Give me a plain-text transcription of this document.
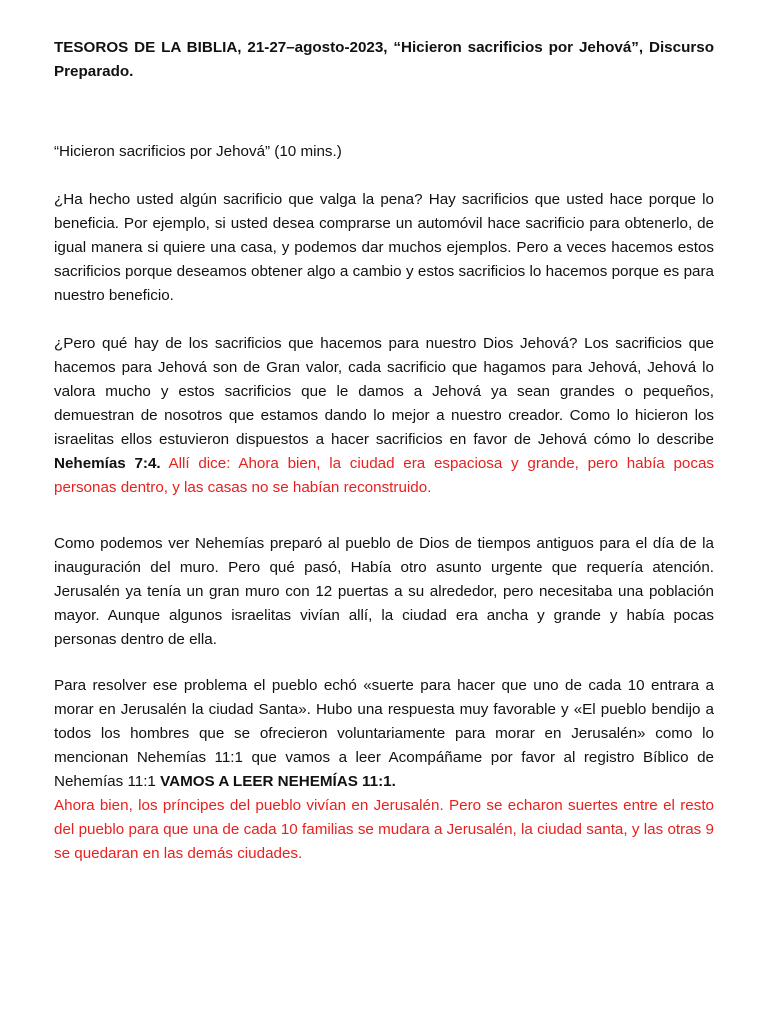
TESOROS DE LA BIBLIA, 21-27–agosto-2023, “Hicieron sacrificios por Jehová”, Discurso Preparado.
“Hicieron sacrificios por Jehová” (10 mins.)

¿Ha hecho usted algún sacrificio que valga la pena? Hay sacrificios que usted hace porque lo beneficia. Por ejemplo, si usted desea comprarse un automóvil hace sacrificio para obtenerlo, de igual manera si quiere una casa, y podemos dar muchos ejemplos. Pero a veces hacemos estos sacrificios porque deseamos obtener algo a cambio y estos sacrificios lo hacemos porque es para nuestro beneficio.

¿Pero qué hay de los sacrificios que hacemos para nuestro Dios Jehová? Los sacrificios que hacemos para Jehová son de Gran valor, cada sacrificio que hagamos para Jehová, Jehová lo valora mucho y estos sacrificios que le damos a Jehová ya sean grandes o pequeños, demuestran de nosotros que estamos dando lo mejor a nuestro creador. Como lo hicieron los israelitas ellos estuvieron dispuestos a hacer sacrificios en favor de Jehová cómo lo describe Nehemías 7:4. Allí dice: Ahora bien, la ciudad era espaciosa y grande, pero había pocas personas dentro, y las casas no se habían reconstruido.

Como podemos ver Nehemías preparó al pueblo de Dios de tiempos antiguos para el día de la inauguración del muro. Pero qué pasó, Había otro asunto urgente que requería atención. Jerusalén ya tenía un gran muro con 12 puertas a su alrededor, pero necesitaba una población mayor. Aunque algunos israelitas vivían allí, la ciudad era ancha y grande y había pocas personas dentro de ella.

Para resolver ese problema el pueblo echó «suerte para hacer que uno de cada 10 entrara a morar en Jerusalén la ciudad Santa». Hubo una respuesta muy favorable y «El pueblo bendijo a todos los hombres que se ofrecieron voluntariamente para morar en Jerusalén» como lo mencionan Nehemías 11:1 que vamos a leer Acompáñame por favor al registro Bíblico de Nehemías 11:1 VAMOS A LEER NEHEMÍAS 11:1.

Ahora bien, los príncipes del pueblo vivían en Jerusalén. Pero se echaron suertes entre el resto del pueblo para que una de cada 10 familias se mudara a Jerusalén, la ciudad santa, y las otras 9 se quedaran en las demás ciudades.
